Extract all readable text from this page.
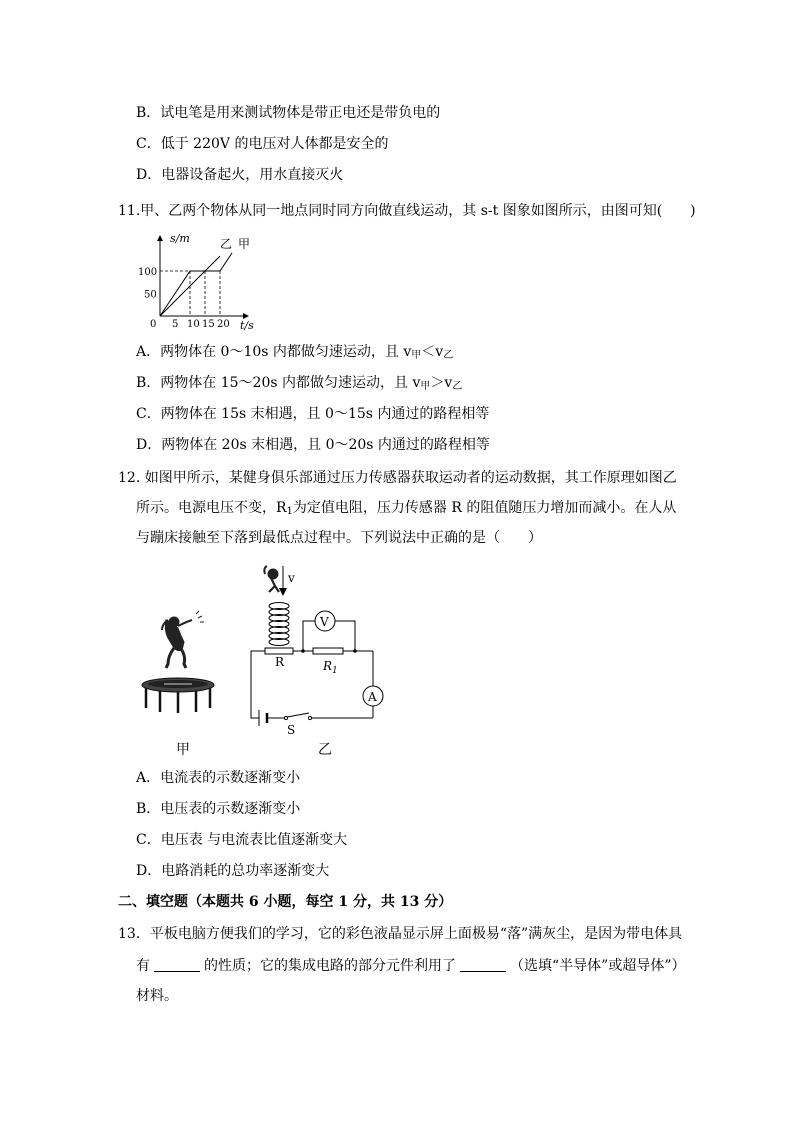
B．试电笔是用来测试物体是带正电还是带负电的
C．低于 220V 的电压对人体都是安全的
D．电器设备起火，用水直接灭火
11.甲、乙两个物体从同一地点同时同方向做直线运动，其 s-t 图象如图所示，由图可知(　　)
s/m
t/s
0 5 10 15 20
50
100
乙 甲
A．两物体在 0～10s 内都做匀速运动，且 $v_甲<v_乙$
B．两物体在 15～20s 内都做匀速运动，且 $v_甲>v_乙$
C．两物体在 15s 末相遇，且 0～15s 内通过的路程相等
D．两物体在 20s 末相遇，且 0～20s 内通过的路程相等
12. 如图甲所示，某健身俱乐部通过压力传感器获取运动者的运动数据，其工作原理如图乙
所示。电源电压不变，$R_1$为定值电阻，压力传感器 R 的阻值随压力增加而减小。在人从
与蹦床接触至下落到最低点过程中。下列说法中正确的是（　　）
v
R	$R_1$
V
A
S
甲	乙
A．电流表的示数逐渐变小
B．电压表的示数逐渐变小
C．电压表 与电流表比值逐渐变大
D．电路消耗的总功率逐渐变大
二、填空题（本题共 6 小题，每空 1 分，共 13 分）
13．平板电脑方便我们的学习，它的彩色液晶显示屏上面极易“落”满灰尘，是因为带电体具
有	的性质；它的集成电路的部分元件利用了	（选填“半导体”或超导体”）
材料。
